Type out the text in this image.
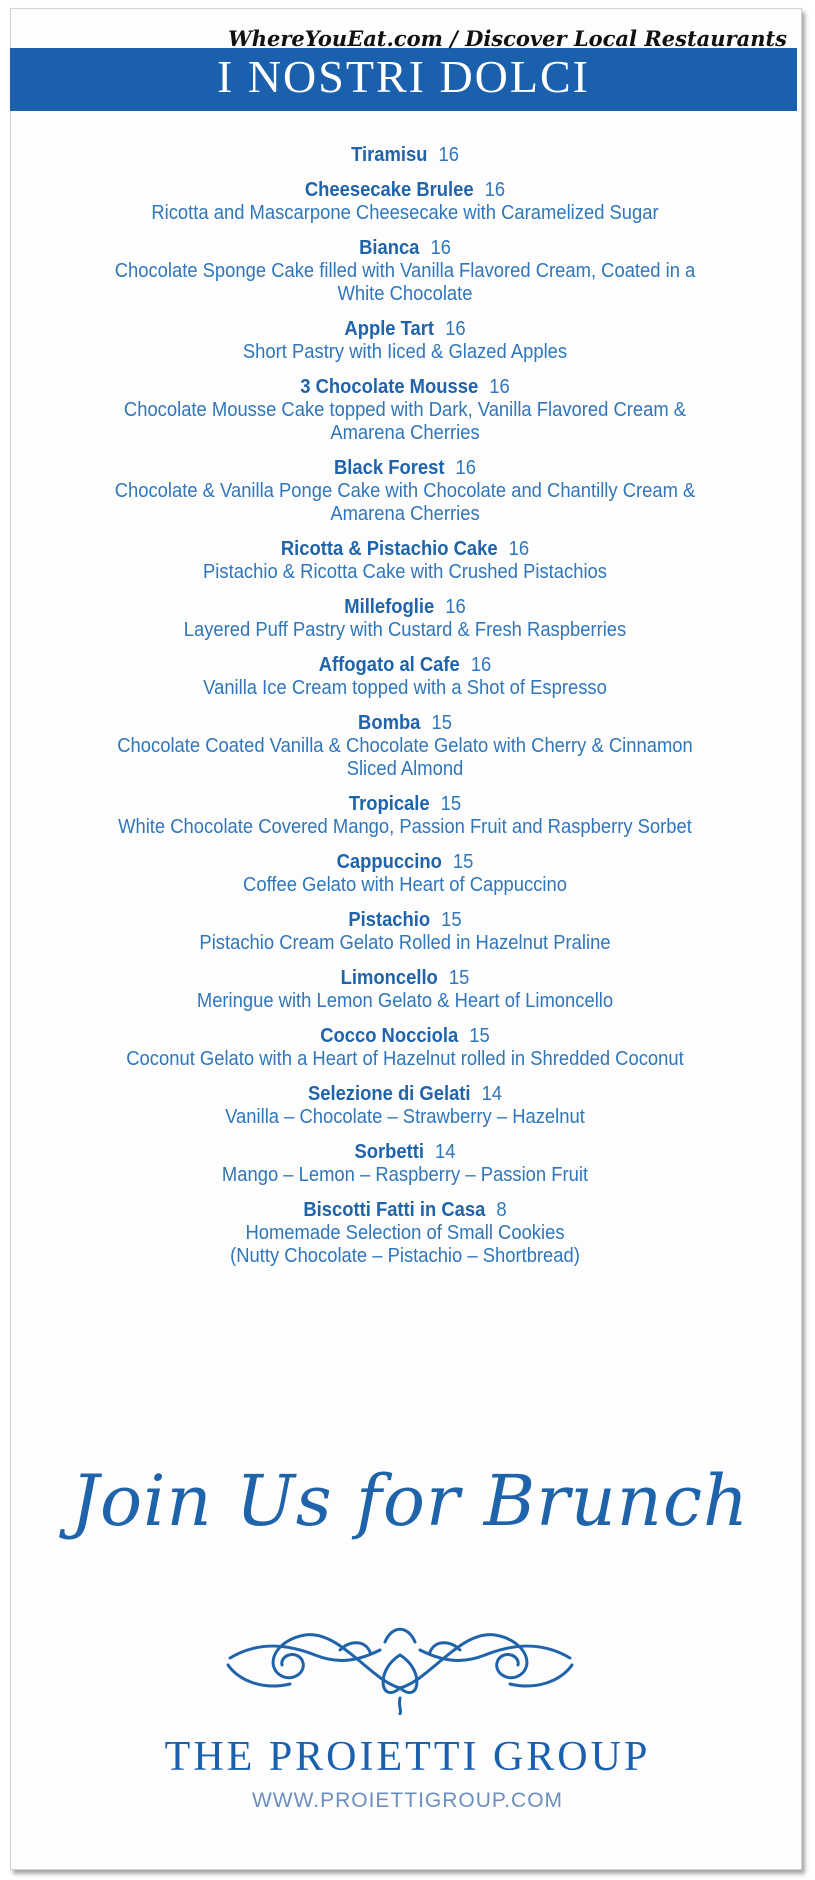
WhereYouEat.com / Discover Local Restaurants
I NOSTRI DOLCI
Tiramisu 16
Cheesecake Brulee 16
Ricotta and Mascarpone Cheesecake with Caramelized Sugar
Bianca 16
Chocolate Sponge Cake filled with Vanilla Flavored Cream, Coated in a
White Chocolate
Apple Tart 16
Short Pastry with Iiced & Glazed Apples
3 Chocolate Mousse 16
Chocolate Mousse Cake topped with Dark, Vanilla Flavored Cream &
Amarena Cherries
Black Forest 16
Chocolate & Vanilla Ponge Cake with Chocolate and Chantilly Cream &
Amarena Cherries
Ricotta & Pistachio Cake 16
Pistachio & Ricotta Cake with Crushed Pistachios
Millefoglie 16
Layered Puff Pastry with Custard & Fresh Raspberries
Affogato al Cafe 16
Vanilla Ice Cream topped with a Shot of Espresso
Bomba 15
Chocolate Coated Vanilla & Chocolate Gelato with Cherry & Cinnamon
Sliced Almond
Tropicale 15
White Chocolate Covered Mango, Passion Fruit and Raspberry Sorbet
Cappuccino 15
Coffee Gelato with Heart of Cappuccino
Pistachio 15
Pistachio Cream Gelato Rolled in Hazelnut Praline
Limoncello 15
Meringue with Lemon Gelato & Heart of Limoncello
Cocco Nocciola 15
Coconut Gelato with a Heart of Hazelnut rolled in Shredded Coconut
Selezione di Gelati 14
Vanilla – Chocolate – Strawberry – Hazelnut
Sorbetti 14
Mango – Lemon – Raspberry – Passion Fruit
Biscotti Fatti in Casa 8
Homemade Selection of Small Cookies
(Nutty Chocolate – Pistachio – Shortbread)
Join Us for Brunch
THE PROIETTI GROUP
WWW.PROIETTIGROUP.COM
